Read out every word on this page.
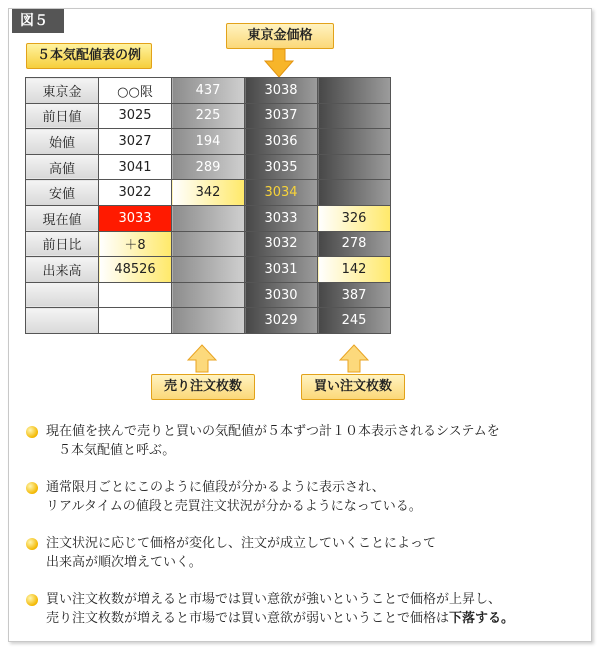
図５
５本気配値表の例
東京金価格
東京金	○○限	437	3038	
前日値	3025	225	3037	
始値	3027	194	3036	
高値	3041	289	3035	
安値	3022	342	3034	
現在値	3033		3033	326
前日比	＋8		3032	278
出来高	48526		3031	142
			3030	387
			3029	245
売り注文枚数	買い注文枚数
現在値を挟んで売りと買いの気配値が５本ずつ計１０本表示されるシステムを
５本気配値と呼ぶ。
通常限月ごとにこのように値段が分かるように表示され、
リアルタイムの値段と売買注文状況が分かるようになっている。
注文状況に応じて価格が変化し、注文が成立していくことによって
出来高が順次増えていく。
買い注文枚数が増えると市場では買い意欲が強いということで価格が上昇し、
売り注文枚数が増えると市場では買い意欲が弱いということで価格は下落する。
